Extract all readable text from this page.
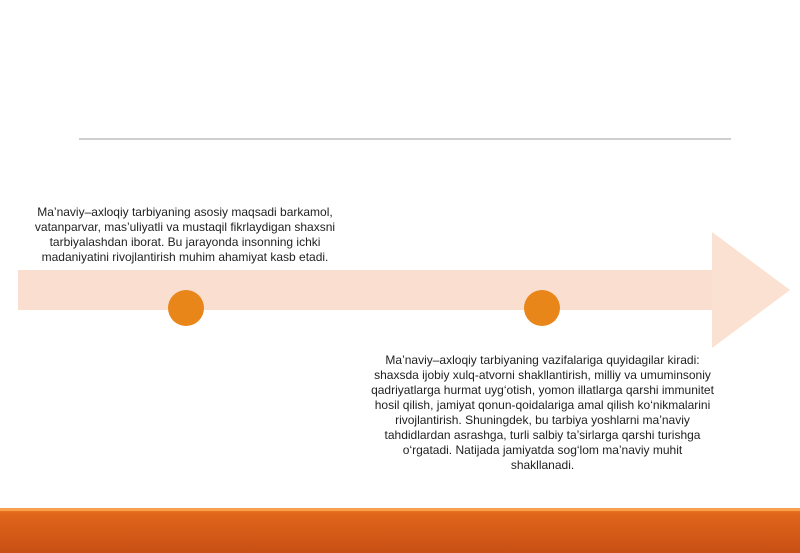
Ma’naviy–axloqiy tarbiyaning asosiy maqsadi barkamol, vatanparvar, mas’uliyatli va mustaqil fikrlaydigan shaxsni tarbiyalashdan iborat. Bu jarayonda insonning ichki madaniyatini rivojlantirish muhim ahamiyat kasb etadi.
Ma’naviy–axloqiy tarbiyaning vazifalariga quyidagilar kiradi: shaxsda ijobiy xulq-atvorni shakllantirish, milliy va umuminsoniy qadriyatlarga hurmat uyg‘otish, yomon illatlarga qarshi immunitet hosil qilish, jamiyat qonun-qoidalariga amal qilish ko‘nikmalarini rivojlantirish. Shuningdek, bu tarbiya yoshlarni ma’naviy tahdidlardan asrashga, turli salbiy ta’sirlarga qarshi turishga o‘rgatadi. Natijada jamiyatda sog‘lom ma’naviy muhit shakllanadi.
